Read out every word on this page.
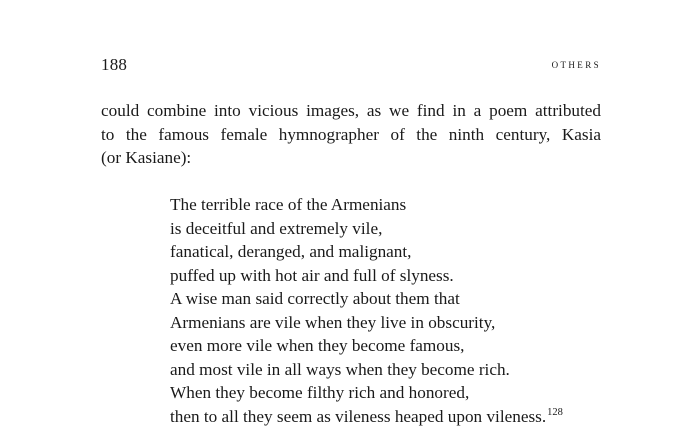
188	others

could combine into vicious images, as we find in a poem attributed
to the famous female hymnographer of the ninth century, Kasia
(or Kasiane):

The terrible race of the Armenians
is deceitful and extremely vile,
fanatical, deranged, and malignant,
puffed up with hot air and full of slyness.
A wise man said correctly about them that
Armenians are vile when they live in obscurity,
even more vile when they become famous,
and most vile in all ways when they become rich.
When they become filthy rich and honored,
then to all they seem as vileness heaped upon vileness.$^{128}$
